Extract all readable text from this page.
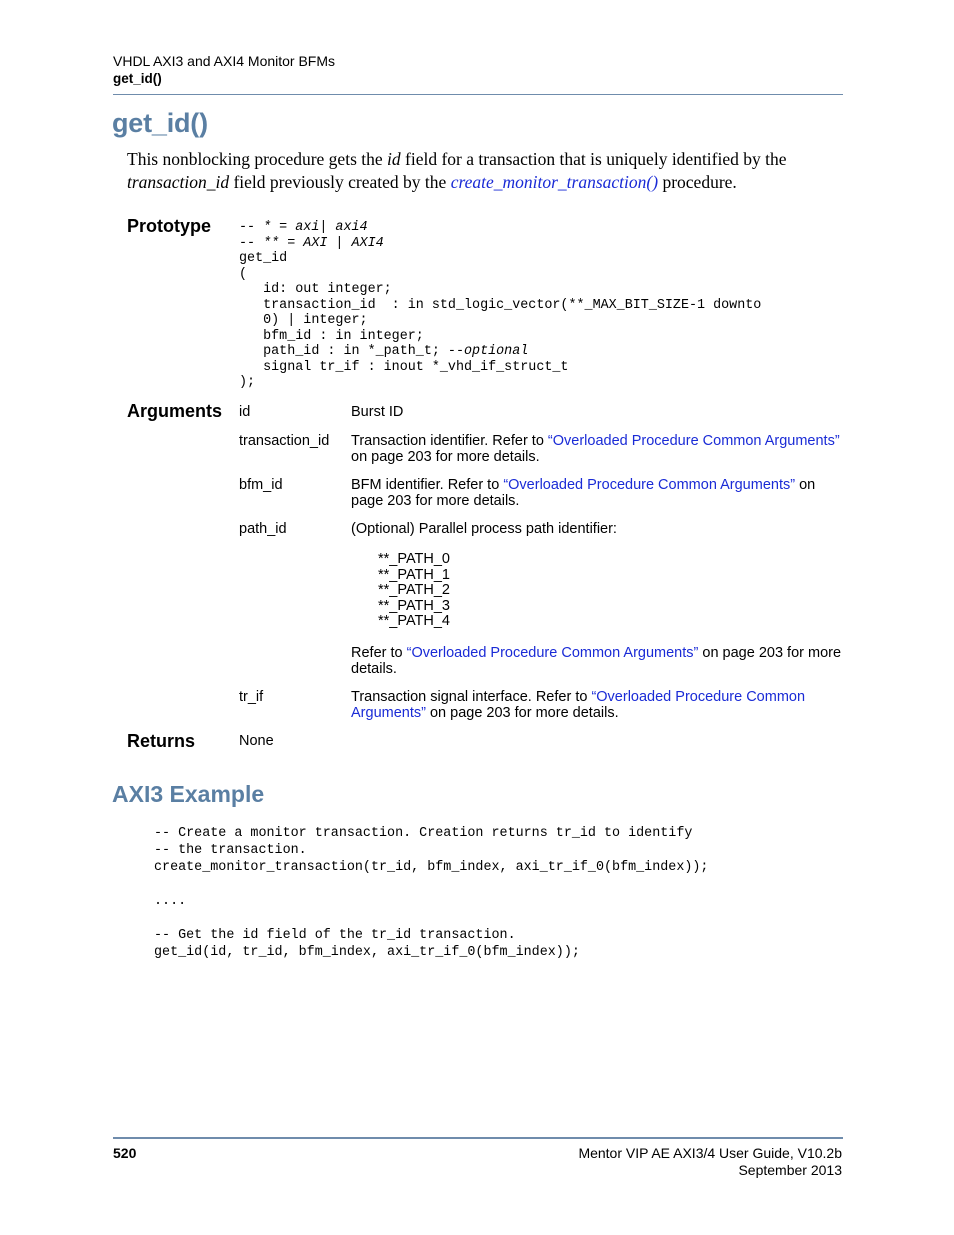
VHDL AXI3 and AXI4 Monitor BFMs
get_id()
get_id()
This nonblocking procedure gets the id field for a transaction that is uniquely identified by the transaction_id field previously created by the create_monitor_transaction() procedure.
Prototype -- * = axi| axi4
-- ** = AXI | AXI4
get_id
(
id: out integer;
transaction_id  : in std_logic_vector(**_MAX_BIT_SIZE-1 downto
0) | integer;
bfm_id : in integer;
path_id : in *_path_t; --optional
signal tr_if : inout *_vhd_if_struct_t
);
Arguments id	Burst ID
transaction_id Transaction identifier. Refer to “Overloaded Procedure Common Arguments” on page 203 for more details.
bfm_id	BFM identifier. Refer to “Overloaded Procedure Common Arguments” on page 203 for more details.
path_id	(Optional) Parallel process path identifier:
**_PATH_0
**_PATH_1
**_PATH_2
**_PATH_3
**_PATH_4
Refer to “Overloaded Procedure Common Arguments” on page 203 for more details.
tr_if	Transaction signal interface. Refer to “Overloaded Procedure Common Arguments” on page 203 for more details.
Returns	None
AXI3 Example
-- Create a monitor transaction. Creation returns tr_id to identify
-- the transaction.
create_monitor_transaction(tr_id, bfm_index, axi_tr_if_0(bfm_index));

....

-- Get the id field of the tr_id transaction.
get_id(id, tr_id, bfm_index, axi_tr_if_0(bfm_index));
520	Mentor VIP AE AXI3/4 User Guide, V10.2b
September 2013
